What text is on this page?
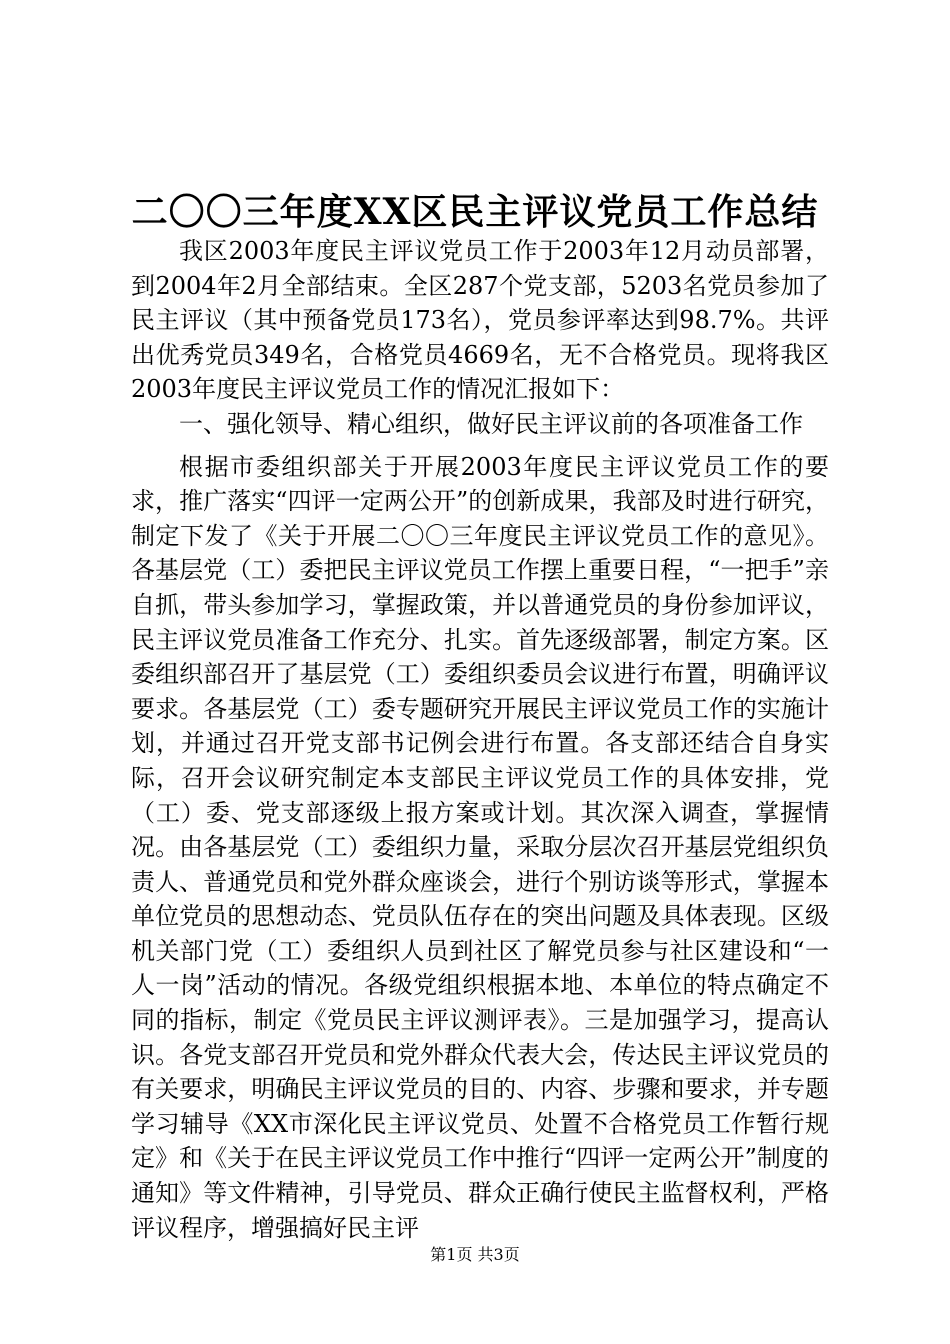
二〇〇三年度XX区民主评议党员工作总结

我区2003年度民主评议党员工作于2003年12月动员部署，到2004年2月全部结束。全区287个党支部，5203名党员参加了民主评议（其中预备党员173名），党员参评率达到98.7%。共评出优秀党员349名，合格党员4669名，无不合格党员。现将我区2003年度民主评议党员工作的情况汇报如下：

一、强化领导、精心组织，做好民主评议前的各项准备工作

根据市委组织部关于开展2003年度民主评议党员工作的要求，推广落实“四评一定两公开”的创新成果，我部及时进行研究，制定下发了《关于开展二〇〇三年度民主评议党员工作的意见》。各基层党（工）委把民主评议党员工作摆上重要日程，“一把手”亲自抓，带头参加学习，掌握政策，并以普通党员的身份参加评议，民主评议党员准备工作充分、扎实。首先逐级部署，制定方案。区委组织部召开了基层党（工）委组织委员会议进行布置，明确评议要求。各基层党（工）委专题研究开展民主评议党员工作的实施计划，并通过召开党支部书记例会进行布置。各支部还结合自身实际，召开会议研究制定本支部民主评议党员工作的具体安排，党（工）委、党支部逐级上报方案或计划。其次深入调查，掌握情况。由各基层党（工）委组织力量，采取分层次召开基层党组织负责人、普通党员和党外群众座谈会，进行个别访谈等形式，掌握本单位党员的思想动态、党员队伍存在的突出问题及具体表现。区级机关部门党（工）委组织人员到社区了解党员参与社区建设和“一人一岗”活动的情况。各级党组织根据本地、本单位的特点确定不同的指标，制定《党员民主评议测评表》。三是加强学习，提高认识。各党支部召开党员和党外群众代表大会，传达民主评议党员的有关要求，明确民主评议党员的目的、内容、步骤和要求，并专题学习辅导《XX市深化民主评议党员、处置不合格党员工作暂行规定》和《关于在民主评议党员工作中推行“四评一定两公开”制度的通知》等文件精神，引导党员、群众正确行使民主监督权利，严格评议程序，增强搞好民主评

第1页 共3页
